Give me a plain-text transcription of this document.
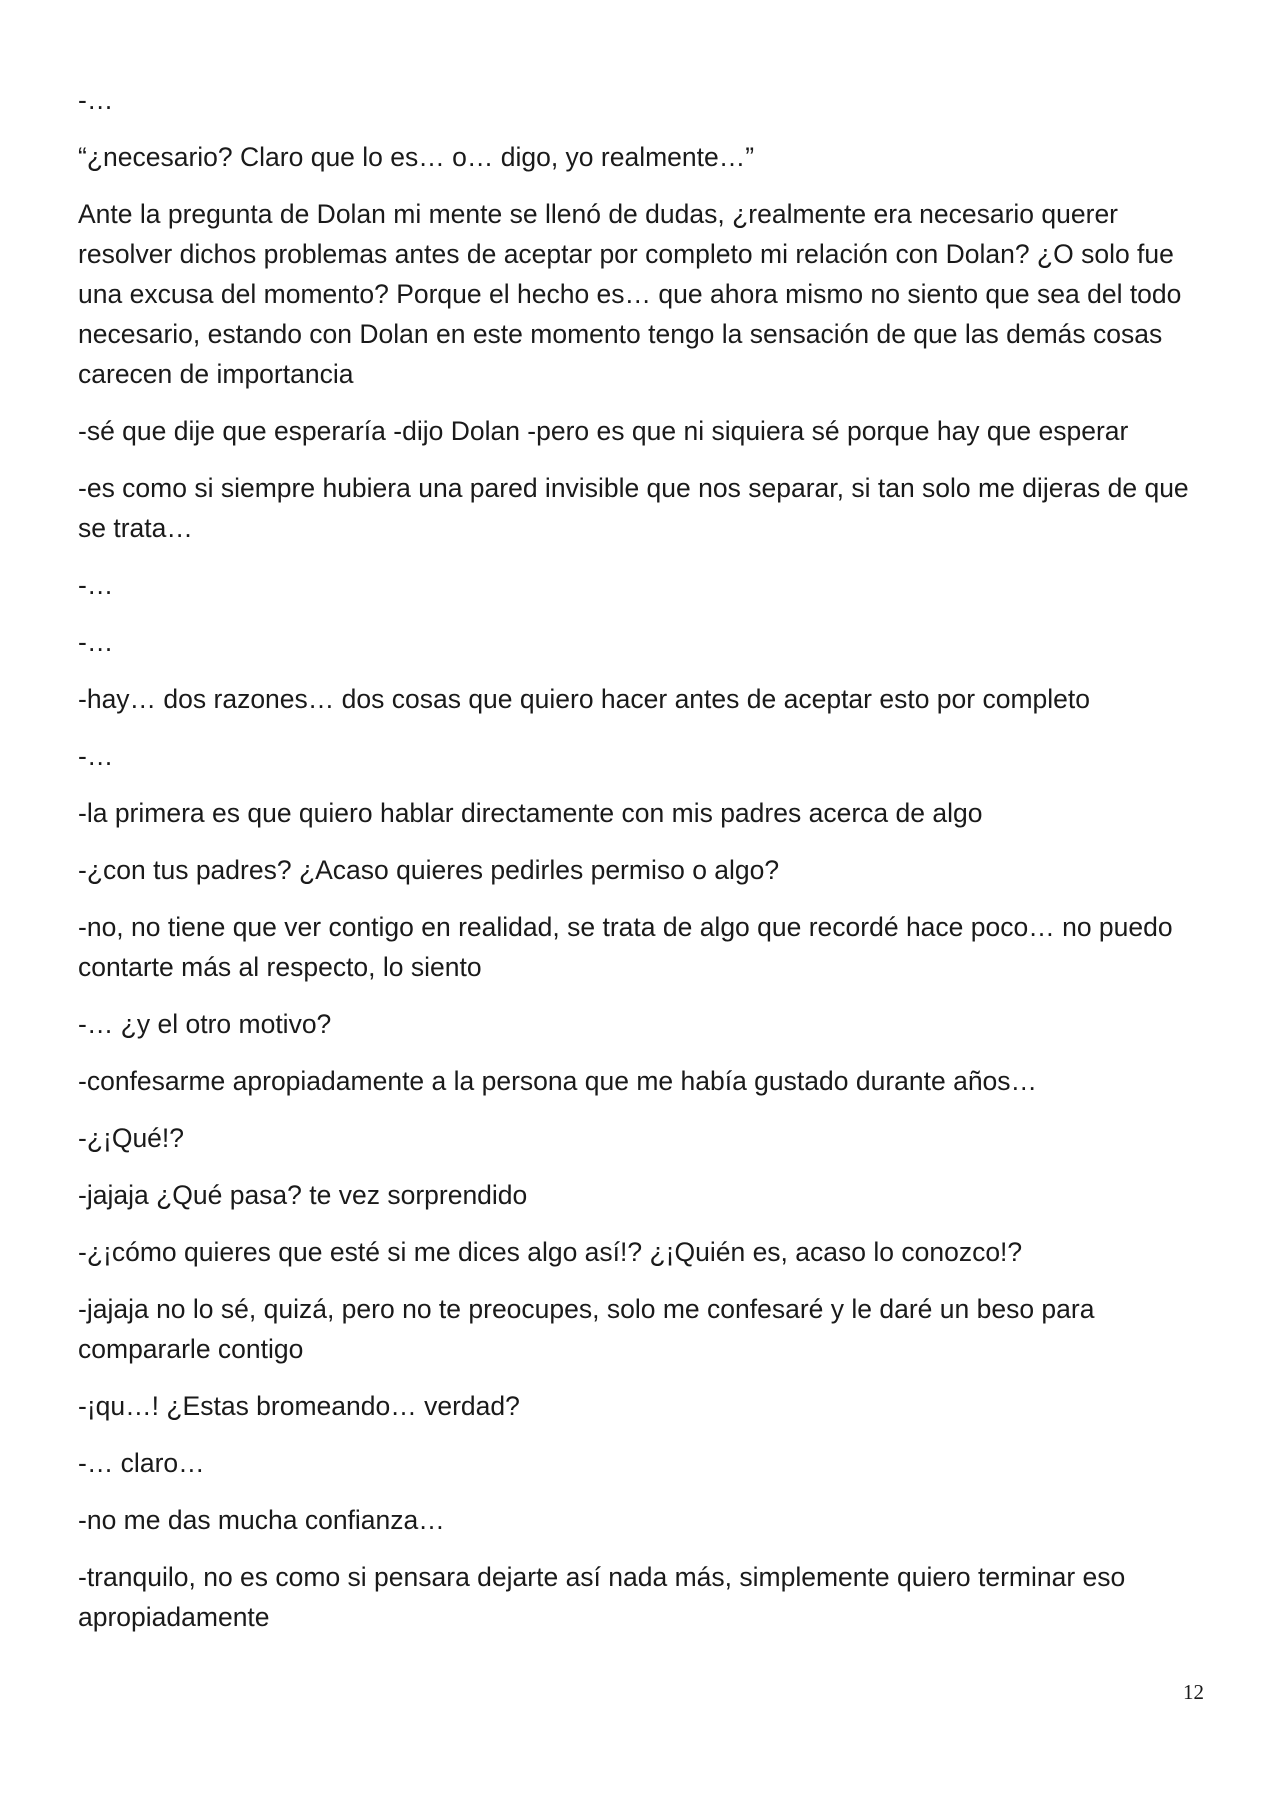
-…

“¿necesario? Claro que lo es… o… digo, yo realmente…”

Ante la pregunta de Dolan mi mente se llenó de dudas, ¿realmente era necesario querer resolver dichos problemas antes de aceptar por completo mi relación con Dolan? ¿O solo fue una excusa del momento? Porque el hecho es… que ahora mismo no siento que sea del todo necesario, estando con Dolan en este momento tengo la sensación de que las demás cosas carecen de importancia

-sé que dije que esperaría -dijo Dolan -pero es que ni siquiera sé porque hay que esperar

-es como si siempre hubiera una pared invisible que nos separar, si tan solo me dijeras de que se trata…

-…

-…

-hay… dos razones… dos cosas que quiero hacer antes de aceptar esto por completo

-…

-la primera es que quiero hablar directamente con mis padres acerca de algo

-¿con tus padres? ¿Acaso quieres pedirles permiso o algo?

-no, no tiene que ver contigo en realidad, se trata de algo que recordé hace poco… no puedo contarte más al respecto, lo siento

-… ¿y el otro motivo?

-confesarme apropiadamente a la persona que me había gustado durante años…

-¿¡Qué!?

-jajaja ¿Qué pasa? te vez sorprendido

-¿¡cómo quieres que esté si me dices algo así!? ¿¡Quién es, acaso lo conozco!?

-jajaja no lo sé, quizá, pero no te preocupes, solo me confesaré y le daré un beso para compararle contigo

-¡qu…! ¿Estas bromeando… verdad?

-… claro…

-no me das mucha confianza…

-tranquilo, no es como si pensara dejarte así nada más, simplemente quiero terminar eso apropiadamente

12
